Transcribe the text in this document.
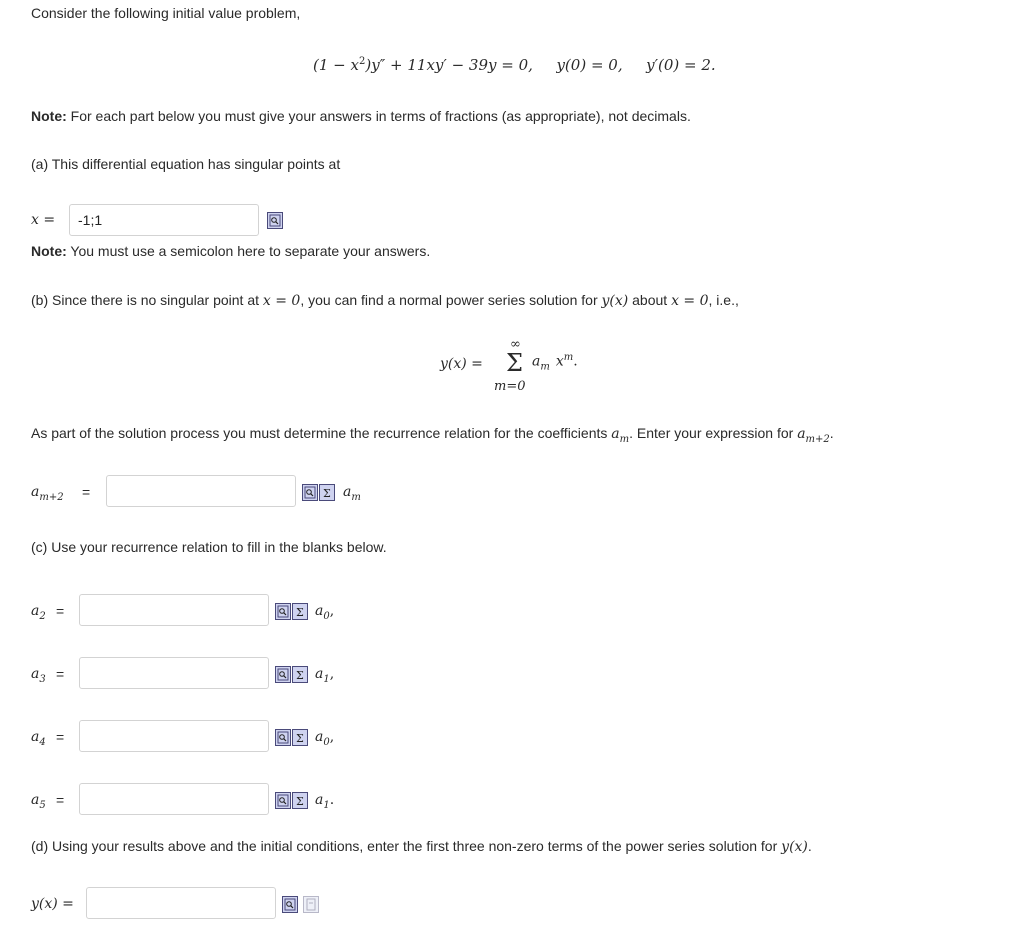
Consider the following initial value problem,
$(1 - x^2)y'' + 11xy' - 39y = 0$, y(0) = 0, y′(0) = 2.
Note: For each part below you must give your answers in terms of fractions (as appropriate), not decimals.
(a) This differential equation has singular points at
x =
-1;1
Note: You must use a semicolon here to separate your answers.
(b) Since there is no singular point at x = 0, you can find a normal power series solution for y(x) about x = 0, i.e.,
y(x) =
∞
Σ
m=0
$a_m$ $x^m$.
As part of the solution process you must determine the recurrence relation for the coefficients $a_m$. Enter your expression for $a_{m+2}$.
$a_{m+2}$ =	Σ $a_m$
(c) Use your recurrence relation to fill in the blanks below.
$a_2$ =	Σ $a_0$,
$a_3$ =	Σ $a_1$,
$a_4$ =	Σ $a_0$,
$a_5$ =	Σ $a_1$.
(d) Using your results above and the initial conditions, enter the first three non-zero terms of the power series solution for y(x).
y(x) =
